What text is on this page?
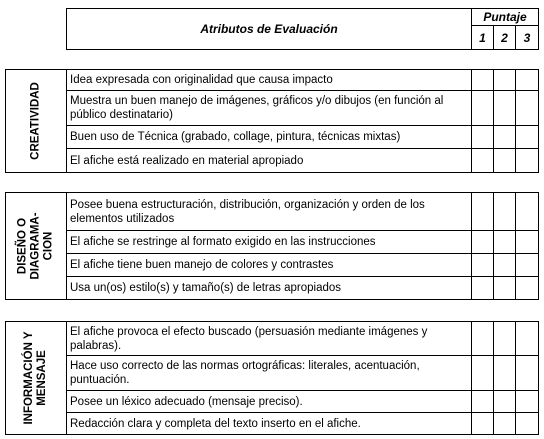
Atributos de Evaluación	Puntaje		
	1	2	3
CREATIVIDAD	Idea expresada con originalidad que causa impacto			
	Muestra un buen manejo de imágenes, gráficos y/o dibujos (en función al público destinatario)			
	Buen uso de Técnica (grabado, collage, pintura, técnicas mixtas)			
	El afiche está realizado en material apropiado			
DISEÑO O DIAGRAMA- CION	Posee buena estructuración, distribución, organización y orden de los elementos utilizados			
	El afiche se restringe al formato exigido en las instrucciones			
	El afiche tiene buen manejo de colores y contrastes			
	Usa un(os) estilo(s) y tamaño(s) de letras apropiados			
INFORMACIÓN Y MENSAJE	El afiche provoca el efecto buscado (persuasión mediante imágenes y palabras).			
	Hace uso correcto de las normas ortográficas: literales, acentuación, puntuación.			
	Posee un léxico adecuado (mensaje preciso).			
	Redacción clara y completa del texto inserto en el afiche.			
